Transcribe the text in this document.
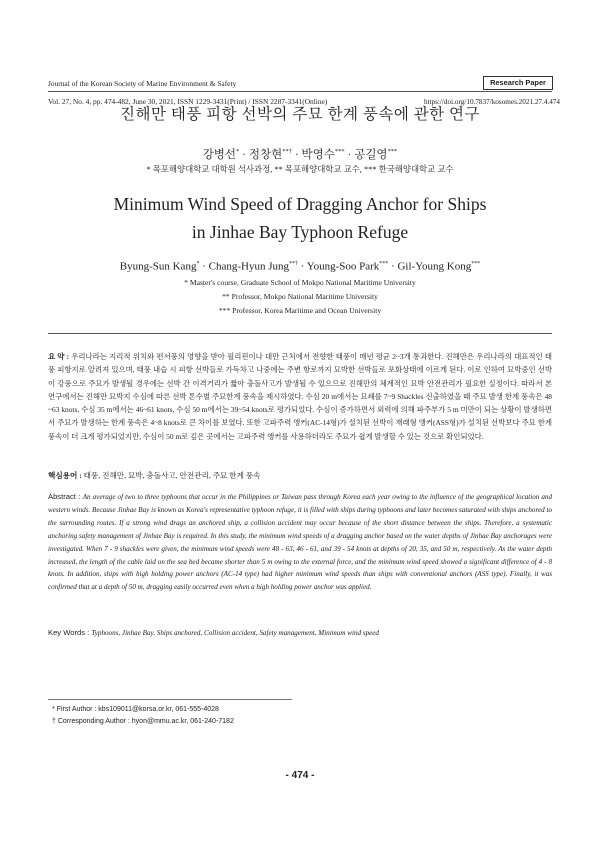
Journal of the Korean Society of Marine Environment & Safety	Research Paper
Vol. 27, No. 4, pp. 474-482, June 30, 2021, ISSN 1229-3431(Print) / ISSN 2287-3341(Online)	https://doi.org/10.7837/kosomes.2021.27.4.474
진해만 태풍 피항 선박의 주묘 한계 풍속에 관한 연구
강병선* · 정창현**† · 박영수*** · 공길영***
* 목포해양대학교 대학원 석사과정, ** 목포해양대학교 교수, *** 한국해양대학교 교수
Minimum Wind Speed of Dragging Anchor for Ships
in Jinhae Bay Typhoon Refuge
Byung-Sun Kang* · Chang-Hyun Jung**† · Young-Soo Park*** · Gil-Young Kong***
* Master's course, Graduate School of Mokpo National Maritime University
** Professor, Mokpo National Maritime University
*** Professor, Korea Maritime and Ocean University
요 약 : 우리나라는 지리적 위치와 편서풍의 영향을 받아 필리핀이나 대만 근처에서 전향한 태풍이 매년 평균 2~3개 통과한다. 진해만은 우리나라의 대표적인 태풍 피항지로 알려져 있으며, 태풍 내습 시 피항 선박들로 가득차고 나중에는 주변 항로까지 묘박한 선박들로 포화상태에 이르게 된다. 이로 인하여 묘박중인 선박이 강풍으로 주묘가 발생될 경우에는 선박 간 이격거리가 짧아 충돌사고가 발생될 수 있으므로 진해만의 체계적인 묘박 안전관리가 필요한 실정이다. 따라서 본 연구에서는 진해만 묘박지 수심에 따른 선박 톤수별 주묘한계 풍속을 제시하였다. 수심 20 m에서는 묘쇄를 7~9 Shackles 신출하였을 때 주묘 발생 한계 풍속은 48~63 knots, 수심 35 m에서는 46~61 knots, 수심 50 m에서는 39~54 knots로 평가되었다. 수심이 증가하면서 외력에 의해 파주부가 5 m 미만이 되는 상황이 발생하면서 주묘가 발생하는 한계 풍속은 4~8 knots로 큰 차이를 보였다. 또한 고파주력 앵커(AC-14형)가 설치된 선박이 재래형 앵커(ASS형)가 설치된 선박보다 주묘 한계 풍속이 더 크게 평가되었지만, 수심이 50 m로 깊은 곳에서는 고파주력 앵커를 사용하더라도 주묘가 쉽게 발생할 수 있는 것으로 확인되었다.
핵심용어 : 태풍, 진해만, 묘박, 충돌사고, 안전관리, 주묘 한계 풍속
Abstract : An average of two to three typhoons that occur in the Philippines or Taiwan pass through Korea each year owing to the influence of the geographical location and western winds. Because Jinhae Bay is known as Korea's representative typhoon refuge, it is filled with ships during typhoons and later becomes saturated with ships anchored to the surrounding routes. If a strong wind drags an anchored ship, a collision accident may occur because of the short distance between the ships. Therefore, a systematic anchoring safety management of Jinhae Bay is required. In this study, the minimum wind speeds of a dragging anchor based on the water depths of Jinhae Bay anchorages were investigated. When 7 - 9 shackles were given, the minimum wind speeds were 48 - 63, 46 - 61, and 39 - 54 knots at depths of 20, 35, and 50 m, respectively. As the water depth increased, the length of the cable laid on the sea bed became shorter than 5 m owing to the external force, and the minimum wind speed showed a significant difference of 4 - 8 knots. In addition, ships with high holding power anchors (AC-14 type) had higher minimum wind speeds than ships with conventional anchors (ASS type). Finally, it was confirmed that at a depth of 50 m, dragging easily occurred even when a high holding power anchor was applied.
Key Words : Typhoons, Jinhae Bay, Ships anchored, Collision accident, Safety management, Minimum wind speed
* First Author : kbs109011@korsa.or.kr, 061-555-4028
† Corresponding Author : hyon@mmu.ac.kr, 061-240-7182
- 474 -
